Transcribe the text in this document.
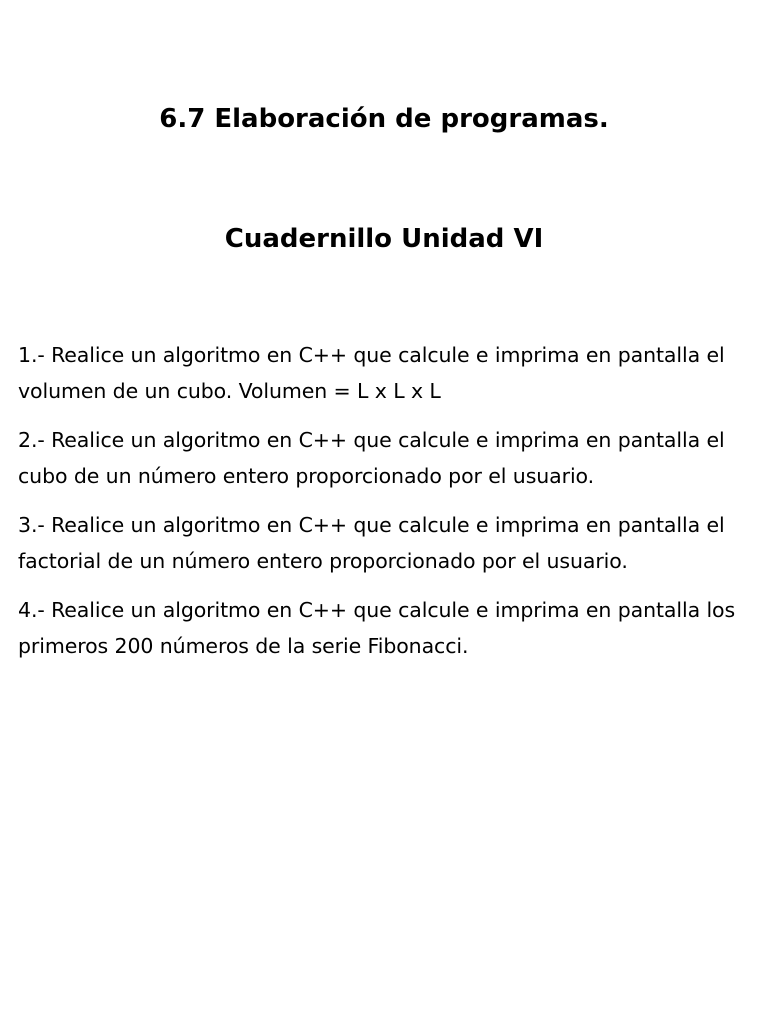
6.7 Elaboración de programas.
Cuadernillo Unidad VI
1.- Realice un algoritmo en C++ que calcule e imprima en pantalla el volumen de un cubo. Volumen = L x L x L
2.- Realice un algoritmo en C++ que calcule e imprima en pantalla el cubo de un número entero proporcionado por el usuario.
3.- Realice un algoritmo en C++ que calcule e imprima en pantalla el factorial de un número entero proporcionado por el usuario.
4.- Realice un algoritmo en C++ que calcule e imprima en pantalla los primeros 200 números de la serie Fibonacci.
